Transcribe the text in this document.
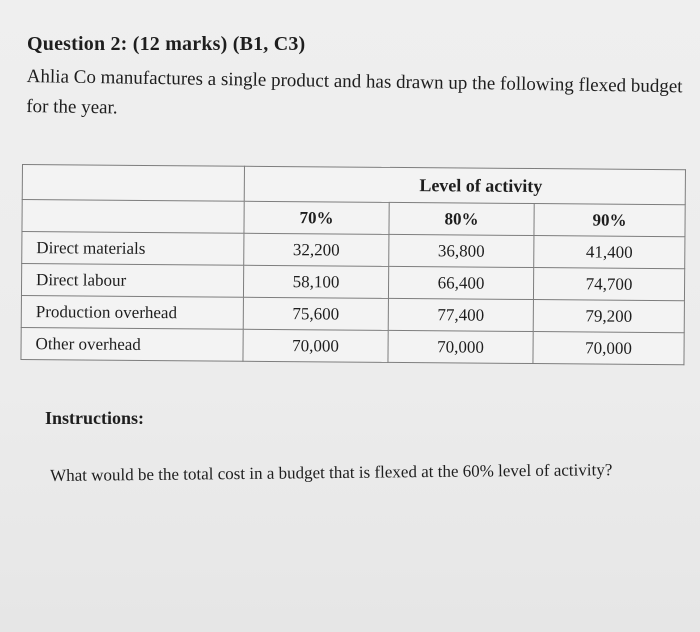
Question 2: (12 marks) (B1, C3)
Ahlia Co manufactures a single product and has drawn up the following flexed budget for the year.
	Level of activity		
	70%	80%	90%
Direct materials	32,200	36,800	41,400
Direct labour	58,100	66,400	74,700
Production overhead	75,600	77,400	79,200
Other overhead	70,000	70,000	70,000
Instructions:
What would be the total cost in a budget that is flexed at the 60% level of activity?
